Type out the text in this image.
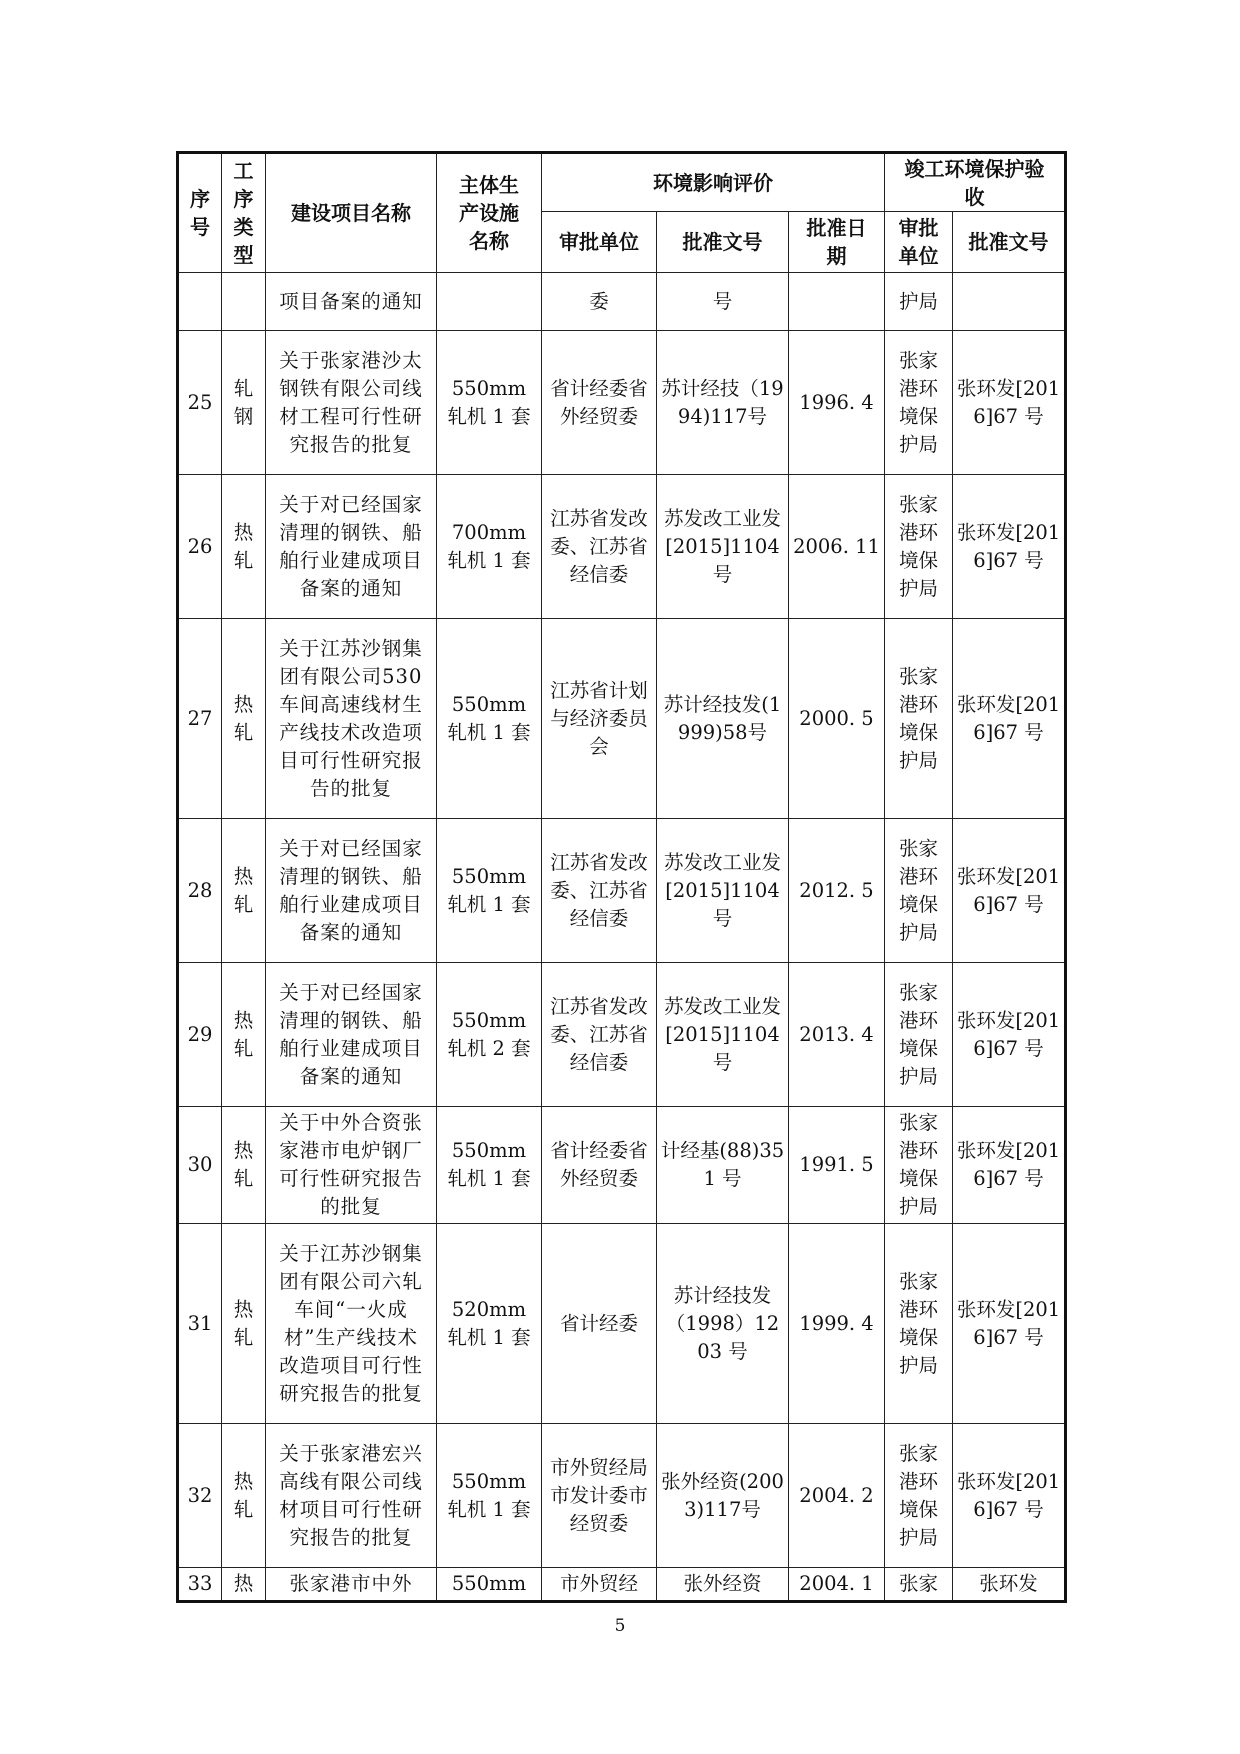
序号	工序类型	建设项目名称	主体生产设施名称	环境影响评价			竣工环境保护验收	
				审批单位	批准文号	批准日期	审批单位	批准文号
		项目备案的通知		委	号		护局	
25	轧钢	关于张家港沙太钢铁有限公司线材工程可行性研究报告的批复	550mm 轧机 1 套	省计经委省外经贸委	苏计经技（1994)117号	1996. 4	张家港环境保护局	张环发[2016]67 号
26	热轧	关于对已经国家清理的钢铁、船舶行业建成项目备案的通知	700mm 轧机 1 套	江苏省发改委、江苏省经信委	苏发改工业发[2015]1104号	2006. 11	张家港环境保护局	张环发[2016]67 号
27	热轧	关于江苏沙钢集团有限公司530 车间高速线材生产线技术改造项目可行性研究报告的批复	550mm 轧机 1 套	江苏省计划与经济委员会	苏计经技发(1999)58号	2000. 5	张家港环境保护局	张环发[2016]67 号
28	热轧	关于对已经国家清理的钢铁、船舶行业建成项目备案的通知	550mm 轧机 1 套	江苏省发改委、江苏省经信委	苏发改工业发[2015]1104号	2012. 5	张家港环境保护局	张环发[2016]67 号
29	热轧	关于对已经国家清理的钢铁、船舶行业建成项目备案的通知	550mm 轧机 2 套	江苏省发改委、江苏省经信委	苏发改工业发[2015]1104号	2013. 4	张家港环境保护局	张环发[2016]67 号
30	热轧	关于中外合资张家港市电炉钢厂可行性研究报告的批复	550mm 轧机 1 套	省计经委省外经贸委	计经基(88)351 号	1991. 5	张家港环境保护局	张环发[2016]67 号
31	热轧	关于江苏沙钢集团有限公司六轧车间“一火成材”生产线技术改造项目可行性研究报告的批复	520mm 轧机 1 套	省计经委	苏计经技发（1998）1203 号	1999. 4	张家港环境保护局	张环发[2016]67 号
32	热轧	关于张家港宏兴高线有限公司线材项目可行性研究报告的批复	550mm 轧机 1 套	市外贸经局市发计委市经贸委	张外经资(2003)117号	2004. 2	张家港环境保护局	张环发[2016]67 号
33	热	张家港市中外	550mm	市外贸经	张外经资	2004. 1	张家	张环发
5
